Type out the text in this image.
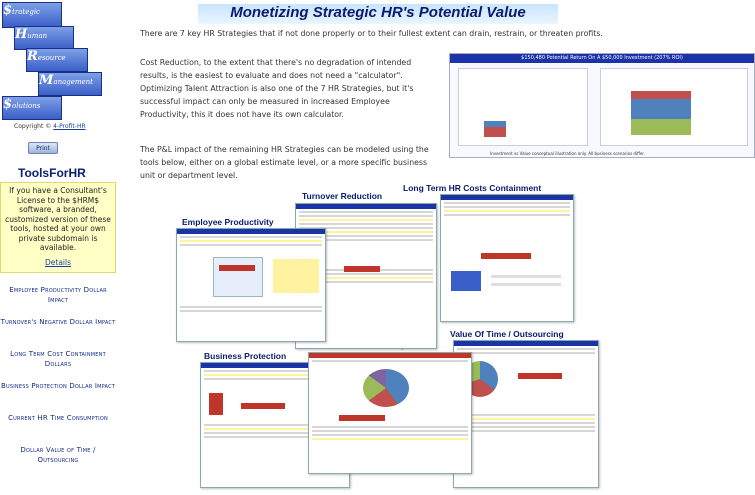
$trategic
Human
Resource
Management
$olutions
Copyright © 4-Profit-HR
Print
ToolsForHR
If you have a Consultant's License to the $HRM$ software, a branded, customized version of these tools, hosted at your own private subdomain is available.
Details
Employee Productivity Dollar Impact
Turnover's Negative Dollar Impact
Long Term Cost Containment Dollars
Business Protection Dollar Impact
Current HR Time Consumption
Dollar Value of Time / Outsourcing
Monetizing Strategic HR's Potential Value
There are 7 key HR Strategies that if not done properly or to their fullest extent can drain, restrain, or threaten profits.
Cost Reduction, to the extent that there's no degradation of intended results, is the easiest to evaluate and does not need a "calculator". Optimizing Talent Attraction is also one of the 7 HR Strategies, but it's successful impact can only be measured in increased Employee Productivity, this it does not have its own calculator.
The P&L impact of the remaining HR Strategies can be modeled using the tools below, either on a global estimate level, or a more specific business unit or department level.
$150,480 Potential Return On A $50,000 Investment (207% ROI)
Investment vs Value conceptual illustration only. All business scenarios differ.
Turnover Reduction
Long Term HR Costs Containment
Employee Productivity
Value Of Time / Outsourcing
Business Protection
